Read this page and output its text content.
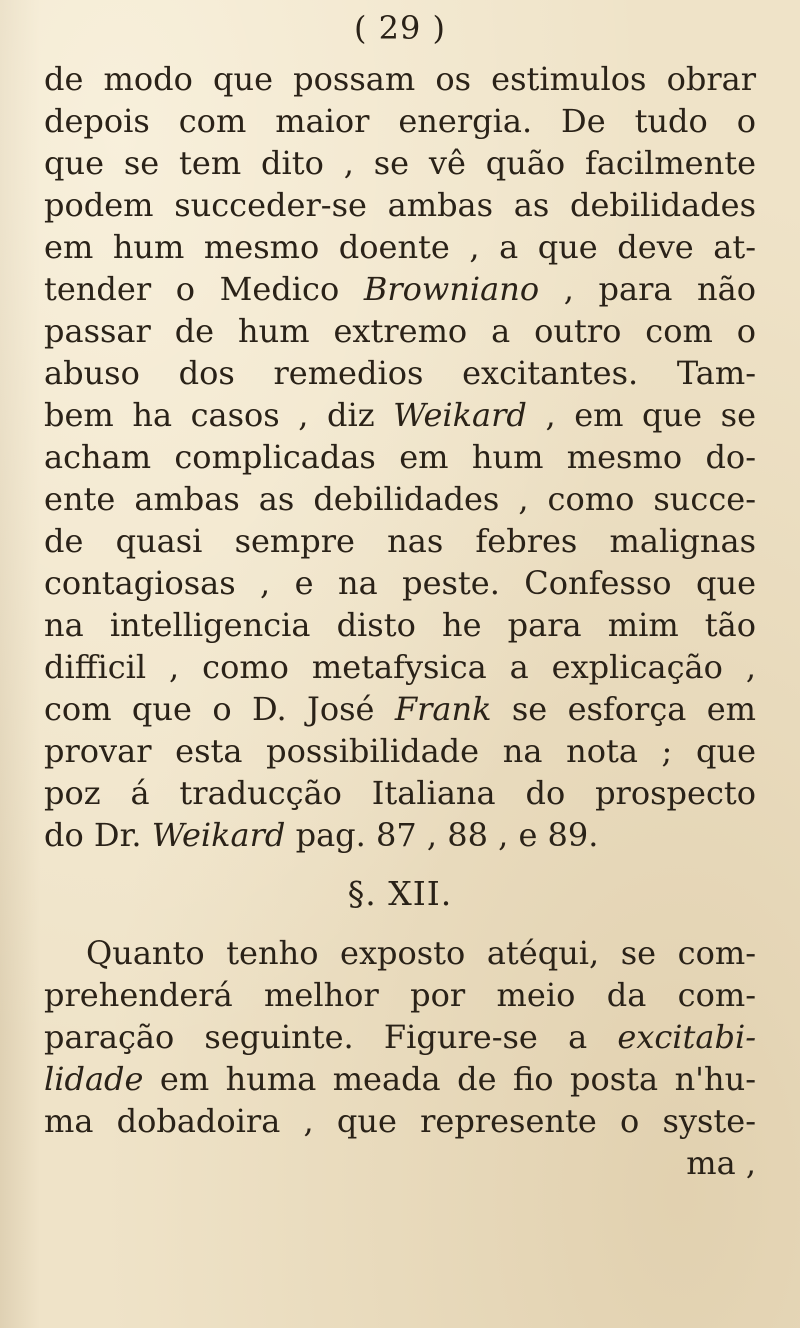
( 29 )
de modo que possam os estimulos obrar
depois com maior energia. De tudo o
que se tem dito , se vê quão facilmente
podem succeder-se ambas as debilidades
em hum mesmo doente , a que deve at-
tender o Medico Browniano , para não
passar de hum extremo a outro com o
abuso dos remedios excitantes. Tam-
bem ha casos , diz Weikard , em que se
acham complicadas em hum mesmo do-
ente ambas as debilidades , como succe-
de quasi sempre nas febres malignas
contagiosas , e na peste. Confesso que
na intelligencia disto he para mim tão
difficil , como metafysica a explicação ,
com que o D. José Frank se esforça em
provar esta possibilidade na nota ; que
poz á traducção Italiana do prospecto
do Dr. Weikard pag. 87 , 88 , e 89.
§. XII.
Quanto tenho exposto atéqui, se com-
prehenderá melhor por meio da com-
paração seguinte. Figure-se a excitabi-
lidade em huma meada de fio posta n'hu-
ma dobadoira , que represente o syste-
ma ,
